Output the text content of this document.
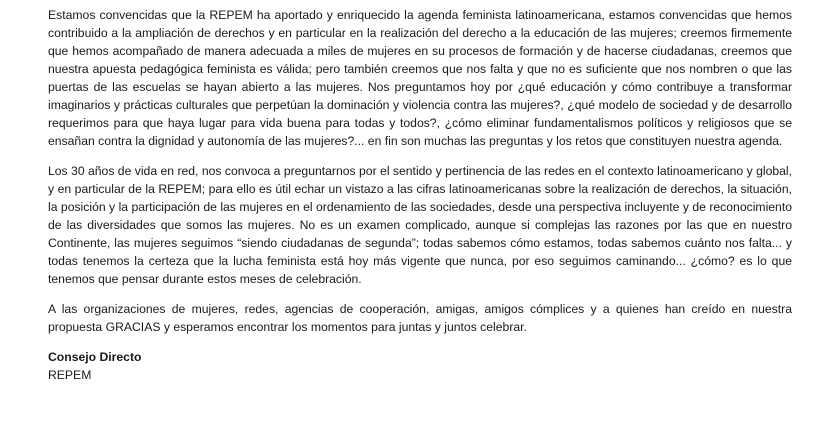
Estamos convencidas que la REPEM ha aportado y enriquecido la agenda feminista latinoamericana, estamos convencidas que hemos contribuido a la ampliación de derechos y en particular en la realización del derecho a la educación de las mujeres; creemos firmemente que hemos acompañado de manera adecuada a miles de mujeres en su procesos de formación y de hacerse ciudadanas, creemos que nuestra apuesta pedagógica feminista es válida; pero también creemos que nos falta y que no es suficiente que nos nombren o que las puertas de las escuelas se hayan abierto a las mujeres. Nos preguntamos hoy por ¿qué educación y cómo contribuye a transformar imaginarios y prácticas culturales que perpetúan la dominación y violencia contra las mujeres?, ¿qué modelo de sociedad y de desarrollo requerimos para que haya lugar para vida buena para todas y todos?, ¿cómo eliminar fundamentalismos políticos y religiosos que se ensañan contra la dignidad y autonomía de las mujeres?... en fin son muchas las preguntas y los retos que constituyen nuestra agenda.

Los 30 años de vida en red, nos convoca a preguntarnos por el sentido y pertinencia de las redes en el contexto latinoamericano y global, y en particular de la REPEM; para ello es útil echar un vistazo a las cifras latinoamericanas sobre la realización de derechos, la situación, la posición y la participación de las mujeres en el ordenamiento de las sociedades, desde una perspectiva incluyente y de reconocimiento de las diversidades que somos las mujeres. No es un examen complicado, aunque si complejas las razones por las que en nuestro Continente, las mujeres seguimos “siendo ciudadanas de segunda”; todas sabemos cómo estamos, todas sabemos cuánto nos falta... y todas tenemos la certeza que la lucha feminista está hoy más vigente que nunca, por eso seguimos caminando... ¿cómo? es lo que tenemos que pensar durante estos meses de celebración.

A las organizaciones de mujeres, redes, agencias de cooperación, amigas, amigos cómplices y a quienes han creído en nuestra propuesta GRACIAS y esperamos encontrar los momentos para juntas y juntos celebrar.

Consejo Directo
REPEM
